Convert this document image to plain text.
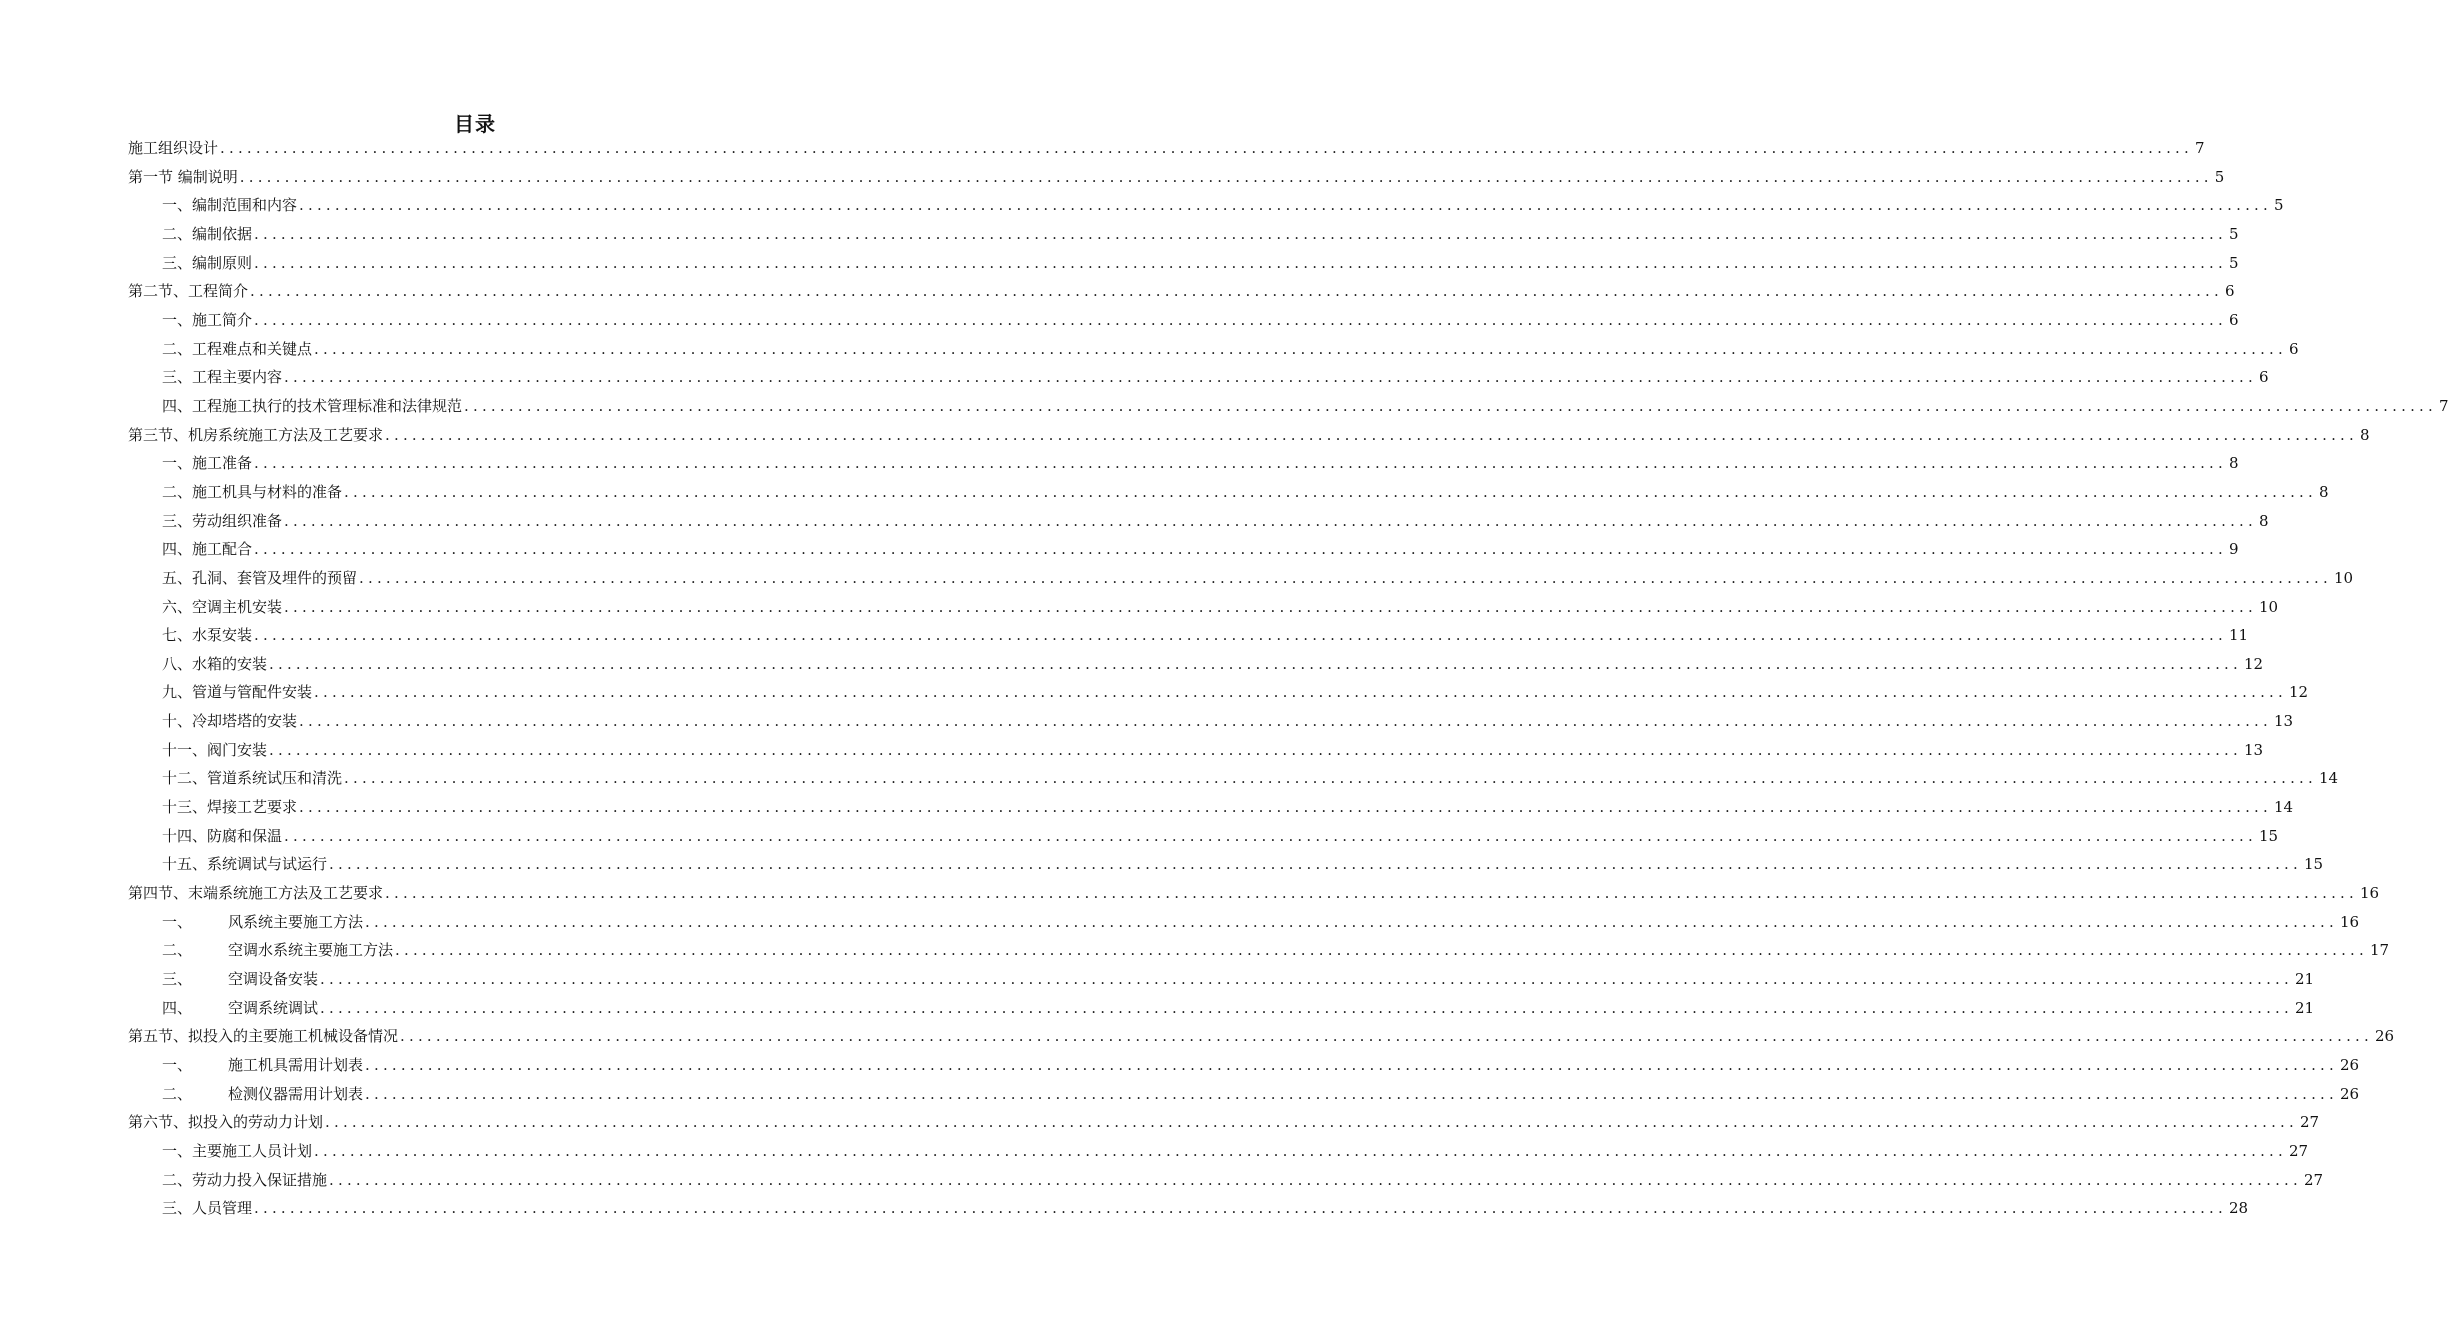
目录
施工组织设计 ............................................................................................................................................................................................................................ 7
第一节 编制说明 ............................................................................................................................................................................................................................ 5
一、编制范围和内容 ............................................................................................................................................................................................................................ 5
二、编制依据 ............................................................................................................................................................................................................................ 5
三、编制原则 ............................................................................................................................................................................................................................ 5
第二节、工程简介 ............................................................................................................................................................................................................................ 6
一、施工简介 ............................................................................................................................................................................................................................ 6
二、工程难点和关键点 ............................................................................................................................................................................................................................ 6
三、工程主要内容 ............................................................................................................................................................................................................................ 6
四、工程施工执行的技术管理标准和法律规范 ............................................................................................................................................................................................................................ 7
第三节、机房系统施工方法及工艺要求 ............................................................................................................................................................................................................................ 8
一、施工准备 ............................................................................................................................................................................................................................ 8
二、施工机具与材料的准备 ............................................................................................................................................................................................................................ 8
三、劳动组织准备 ............................................................................................................................................................................................................................ 8
四、施工配合 ............................................................................................................................................................................................................................ 9
五、孔洞、套管及埋件的预留 ............................................................................................................................................................................................................................ 10
六、空调主机安装 ............................................................................................................................................................................................................................ 10
七、水泵安装 ............................................................................................................................................................................................................................ 11
八、水箱的安装 ............................................................................................................................................................................................................................ 12
九、管道与管配件安装 ............................................................................................................................................................................................................................ 12
十、冷却塔塔的安装 ............................................................................................................................................................................................................................ 13
十一、阀门安装 ............................................................................................................................................................................................................................ 13
十二、管道系统试压和清洗 ............................................................................................................................................................................................................................ 14
十三、焊接工艺要求 ............................................................................................................................................................................................................................ 14
十四、防腐和保温 ............................................................................................................................................................................................................................ 15
十五、系统调试与试运行 ............................................................................................................................................................................................................................ 15
第四节、末端系统施工方法及工艺要求 ............................................................................................................................................................................................................................ 16
一、 风系统主要施工方法 ............................................................................................................................................................................................................................ 16
二、 空调水系统主要施工方法 ............................................................................................................................................................................................................................ 17
三、 空调设备安装 ............................................................................................................................................................................................................................ 21
四、 空调系统调试 ............................................................................................................................................................................................................................ 21
第五节、拟投入的主要施工机械设备情况 ............................................................................................................................................................................................................................ 26
一、 施工机具需用计划表 ............................................................................................................................................................................................................................ 26
二、 检测仪器需用计划表 ............................................................................................................................................................................................................................ 26
第六节、拟投入的劳动力计划 ............................................................................................................................................................................................................................ 27
一、主要施工人员计划 ............................................................................................................................................................................................................................ 27
二、劳动力投入保证措施 ............................................................................................................................................................................................................................ 27
三、人员管理 ............................................................................................................................................................................................................................ 28
